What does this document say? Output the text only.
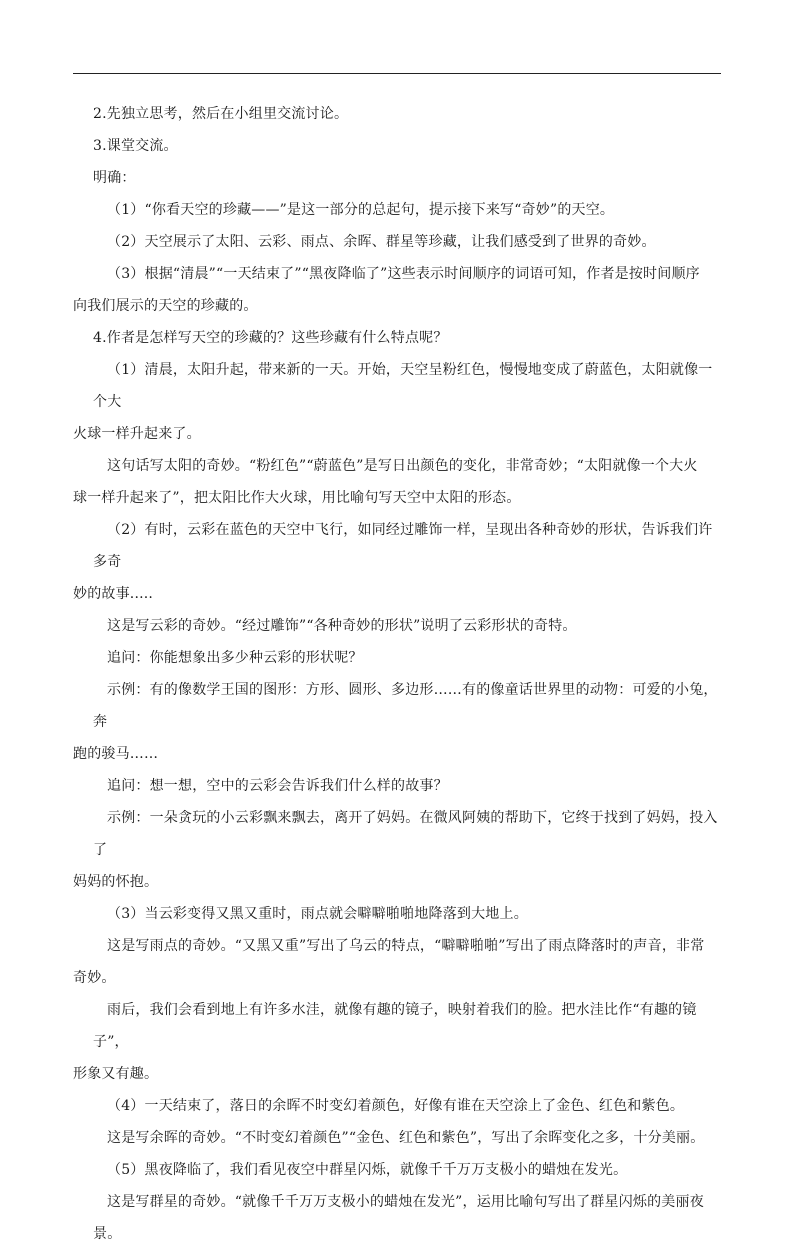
2.先独立思考，然后在小组里交流讨论。

3.课堂交流。

明确：

（1）“你看天空的珍藏——”是这一部分的总起句，提示接下来写“奇妙”的天空。

（2）天空展示了太阳、云彩、雨点、余晖、群星等珍藏，让我们感受到了世界的奇妙。

（3）根据“清晨”“一天结束了”“黑夜降临了”这些表示时间顺序的词语可知，作者是按时间顺序

向我们展示的天空的珍藏的。

4.作者是怎样写天空的珍藏的？这些珍藏有什么特点呢？

（1）清晨，太阳升起，带来新的一天。开始，天空呈粉红色，慢慢地变成了蔚蓝色，太阳就像一个大

火球一样升起来了。

这句话写太阳的奇妙。“粉红色”“蔚蓝色”是写日出颜色的变化，非常奇妙；“太阳就像一个大火

球一样升起来了”，把太阳比作大火球，用比喻句写天空中太阳的形态。

（2）有时，云彩在蓝色的天空中飞行，如同经过雕饰一样，呈现出各种奇妙的形状，告诉我们许多奇

妙的故事.....

这是写云彩的奇妙。“经过雕饰”“各种奇妙的形状”说明了云彩形状的奇特。

追问：你能想象出多少种云彩的形状呢？

示例：有的像数学王国的图形：方形、圆形、多边形……有的像童话世界里的动物：可爱的小兔，奔

跑的骏马……

追问：想一想，空中的云彩会告诉我们什么样的故事？

示例：一朵贪玩的小云彩飘来飘去，离开了妈妈。在微风阿姨的帮助下，它终于找到了妈妈，投入了

妈妈的怀抱。

（3）当云彩变得又黑又重时，雨点就会噼噼啪啪地降落到大地上。

这是写雨点的奇妙。“又黑又重”写出了乌云的特点，“噼噼啪啪”写出了雨点降落时的声音，非常

奇妙。

雨后，我们会看到地上有许多水洼，就像有趣的镜子，映射着我们的脸。把水洼比作“有趣的镜子”，

形象又有趣。

（4）一天结束了，落日的余晖不时变幻着颜色，好像有谁在天空涂上了金色、红色和紫色。

这是写余晖的奇妙。“不时变幻着颜色”“金色、红色和紫色”，写出了余晖变化之多，十分美丽。

（5）黑夜降临了，我们看见夜空中群星闪烁，就像千千万万支极小的蜡烛在发光。

这是写群星的奇妙。“就像千千万万支极小的蜡烛在发光”，运用比喻句写出了群星闪烁的美丽夜景。
